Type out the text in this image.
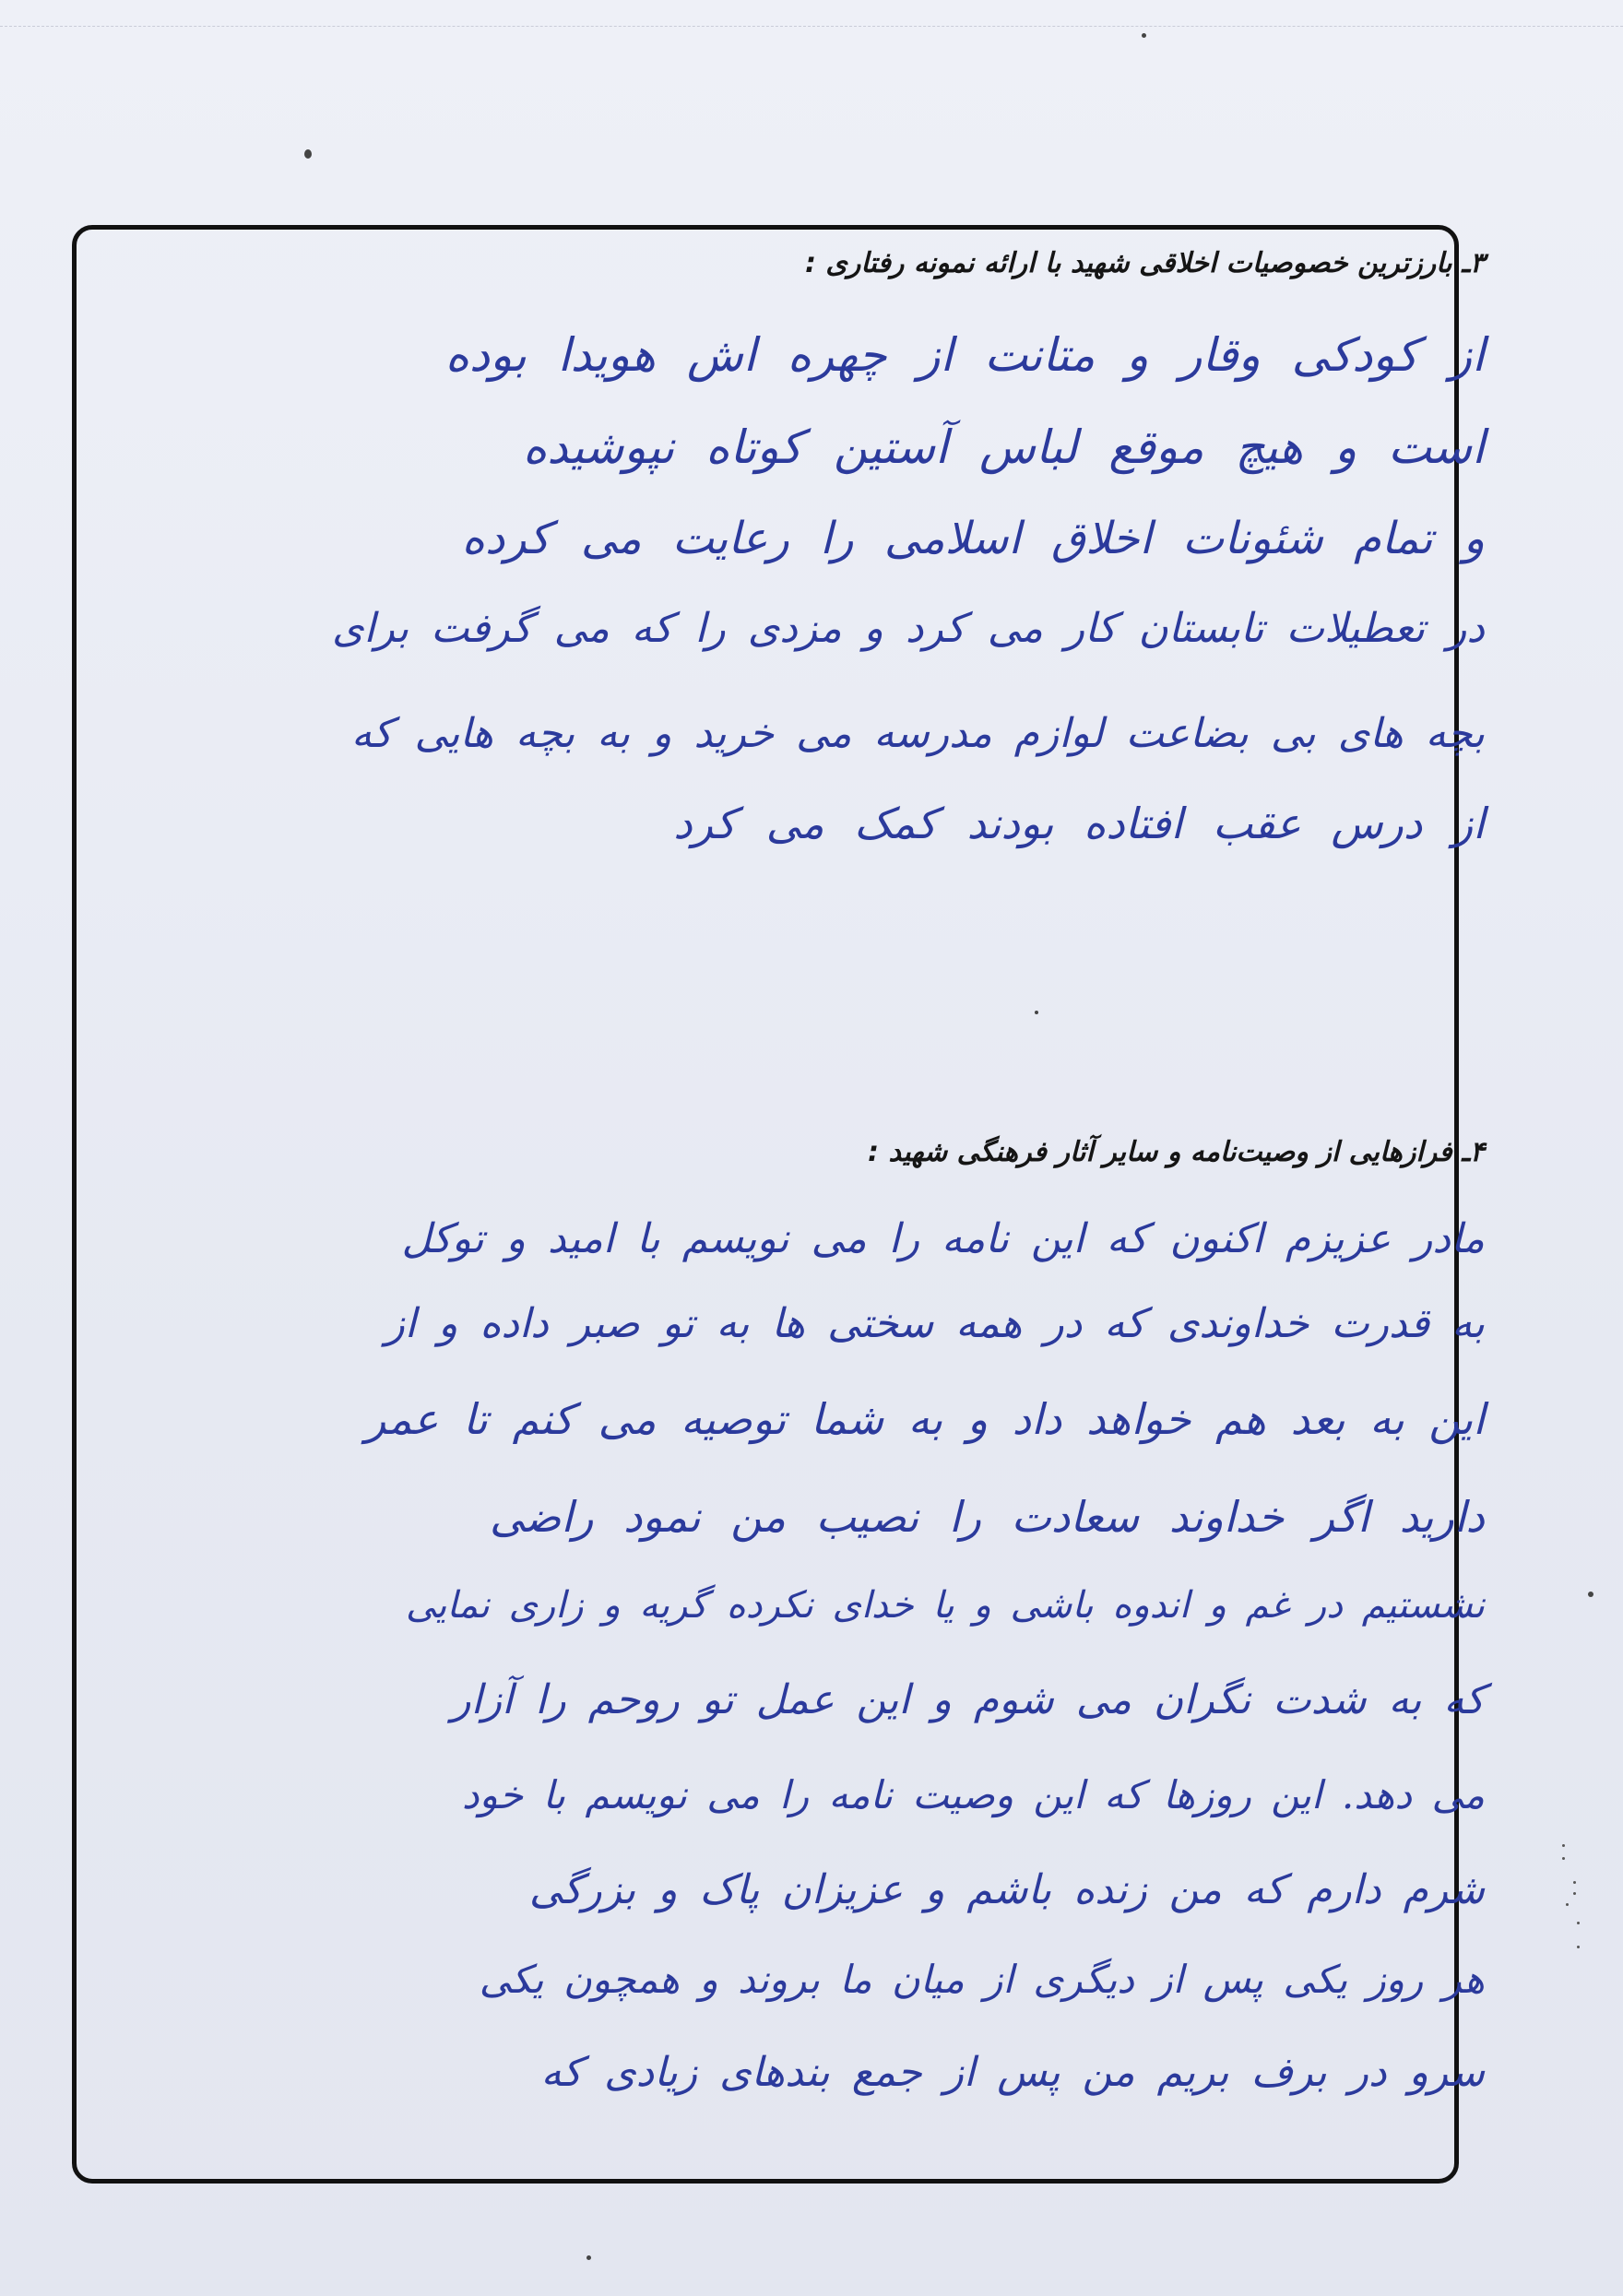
۳ـ بارزترین خصوصیات اخلاقی شهید با ارائه نمونه رفتاری :
از کودکی وقار و متانت از چهره اش هویدا بوده
است و هیچ موقع لباس آستین کوتاه نپوشیده
و تمام شئونات اخلاق اسلامی را رعایت می کرده
در تعطیلات تابستان کار می کرد و مزدی را که می گرفت برای
بچه های بی بضاعت لوازم مدرسه می خرید و به بچه هایی که
از درس عقب افتاده بودند کمک می کرد
۴ـ فرازهایی از وصیت‌نامه و سایر آثار فرهنگی شهید :
مادر عزیزم اکنون که این نامه را می نویسم با امید و توکل
به قدرت خداوندی که در همه سختی ها به تو صبر داده و از
این به بعد هم خواهد داد و به شما توصیه می کنم تا عمر
دارید اگر خداوند سعادت را نصیب من نمود راضی
نشستیم در غم و اندوه باشی و یا خدای نکرده گریه و زاری نمایی
که به شدت نگران می شوم و این عمل تو روحم را آزار
می دهد. این روزها که این وصیت نامه را می نویسم با خود
شرم دارم که من زنده باشم و عزیزان پاک و بزرگی
هر روز یکی پس از دیگری از میان ما بروند و همچون یکی
سرو در برف بریم من پس از جمع بندهای زیادی که
